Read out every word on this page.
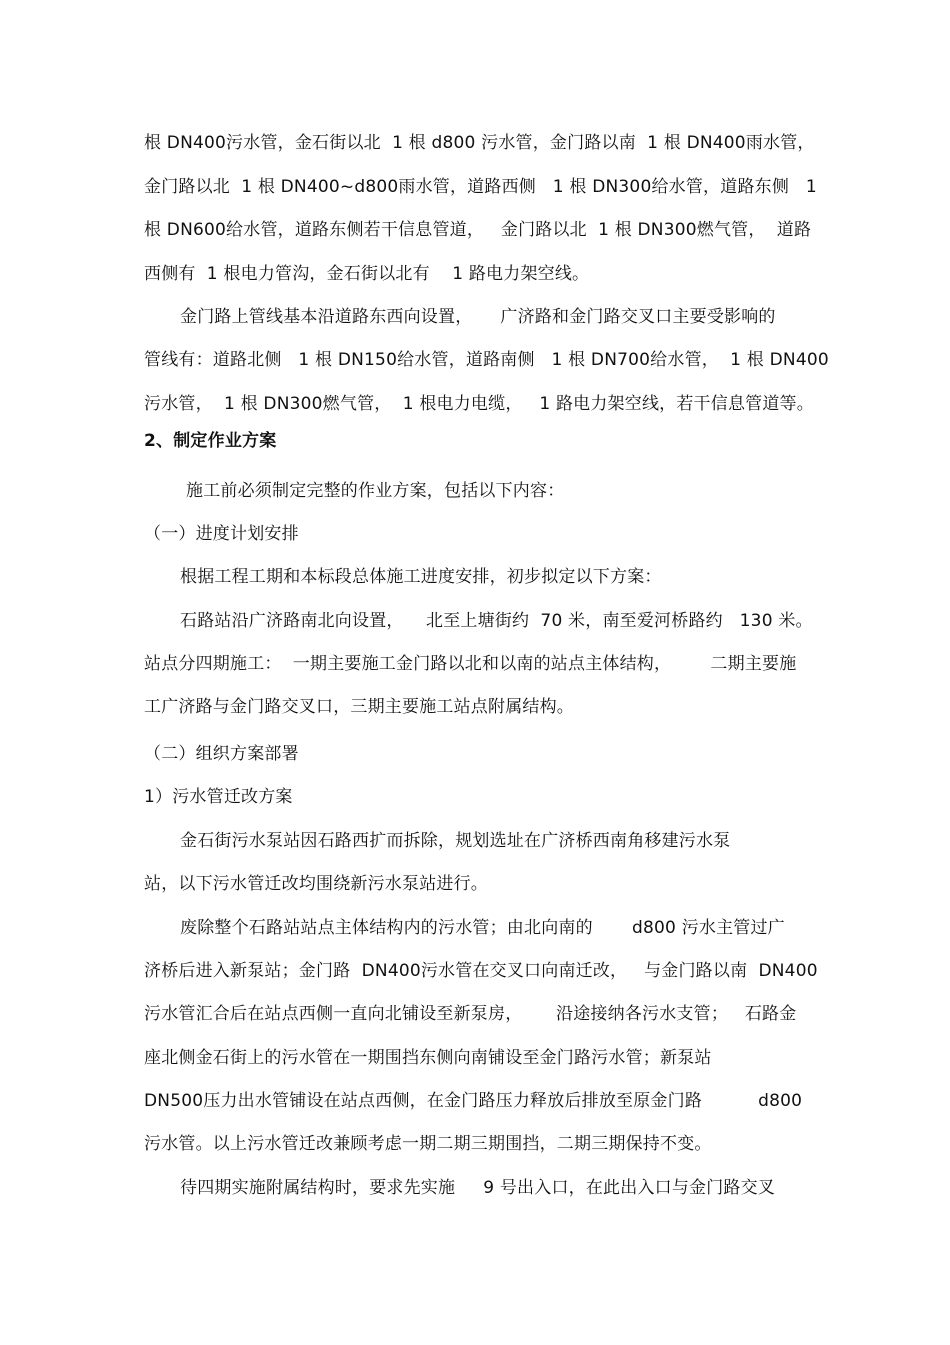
根 DN400污水管，金石街以北  1 根 d800 污水管，金门路以南  1 根 DN400雨水管，
金门路以北  1 根 DN400~d800雨水管，道路西侧   1 根 DN300给水管，道路东侧   1
根 DN600给水管，道路东侧若干信息管道，   金门路以北  1 根 DN300燃气管，  道路
西侧有  1 根电力管沟，金石街以北有    1 路电力架空线。
金门路上管线基本沿道路东西向设置，     广济路和金门路交叉口主要受影响的
管线有：道路北侧   1 根 DN150给水管，道路南侧   1 根 DN700给水管，  1 根 DN400
污水管，  1 根 DN300燃气管，  1 根电力电缆，   1 路电力架空线，若干信息管道等。
2、制定作业方案
施工前必须制定完整的作业方案，包括以下内容：
（一）进度计划安排
根据工程工期和本标段总体施工进度安排，初步拟定以下方案：
石路站沿广济路南北向设置，    北至上塘街约  70 米，南至爱河桥路约   130 米。
站点分四期施工：  一期主要施工金门路以北和以南的站点主体结构，       二期主要施
工广济路与金门路交叉口，三期主要施工站点附属结构。
（二）组织方案部署
1）污水管迁改方案
金石街污水泵站因石路西扩而拆除，规划选址在广济桥西南角移建污水泵
站，以下污水管迁改均围绕新污水泵站进行。
废除整个石路站站点主体结构内的污水管；由北向南的       d800 污水主管过广
济桥后进入新泵站；金门路  DN400污水管在交叉口向南迁改，   与金门路以南  DN400
污水管汇合后在站点西侧一直向北铺设至新泵房，      沿途接纳各污水支管；   石路金
座北侧金石街上的污水管在一期围挡东侧向南铺设至金门路污水管；新泵站
DN500压力出水管铺设在站点西侧，在金门路压力释放后排放至原金门路          d800
污水管。以上污水管迁改兼顾考虑一期二期三期围挡，二期三期保持不变。
待四期实施附属结构时，要求先实施     9 号出入口，在此出入口与金门路交叉
